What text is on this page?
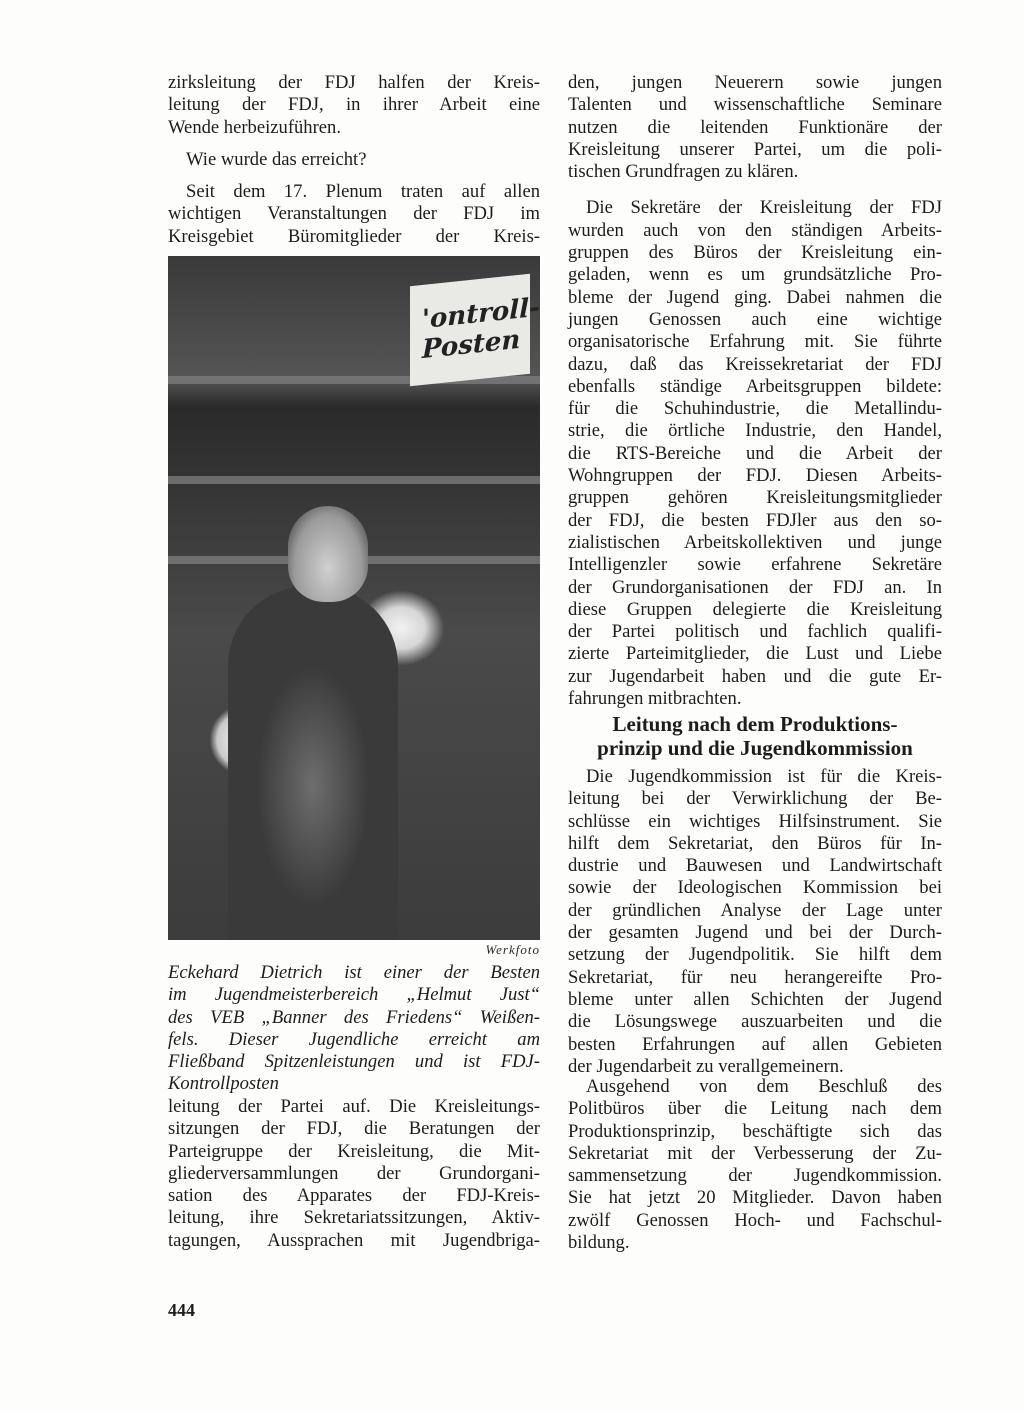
zirksleitung der FDJ halfen der Kreis-
leitung der FDJ, in ihrer Arbeit eine
Wende herbeizuführen.
Wie wurde das erreicht?
Seit dem 17. Plenum traten auf allen
wichtigen Veranstaltungen der FDJ im
Kreisgebiet Büromitglieder der Kreis-
'ontroll-
Posten
Werkfoto
Eckehard Dietrich ist einer der Besten
im Jugendmeisterbereich „Helmut Just“
des VEB „Banner des Friedens“ Weißen-
fels. Dieser Jugendliche erreicht am
Fließband Spitzenleistungen und ist FDJ-
Kontrollposten
leitung der Partei auf. Die Kreisleitungs-
sitzungen der FDJ, die Beratungen der
Parteigruppe der Kreisleitung, die Mit-
gliederversammlungen der Grundorgani-
sation des Apparates der FDJ-Kreis-
leitung, ihre Sekretariatssitzungen, Aktiv-
tagungen, Aussprachen mit Jugendbriga-
den, jungen Neuerern sowie jungen
Talenten und wissenschaftliche Seminare
nutzen die leitenden Funktionäre der
Kreisleitung unserer Partei, um die poli-
tischen Grundfragen zu klären.
Die Sekretäre der Kreisleitung der FDJ
wurden auch von den ständigen Arbeits-
gruppen des Büros der Kreisleitung ein-
geladen, wenn es um grundsätzliche Pro-
bleme der Jugend ging. Dabei nahmen die
jungen Genossen auch eine wichtige
organisatorische Erfahrung mit. Sie führte
dazu, daß das Kreissekretariat der FDJ
ebenfalls ständige Arbeitsgruppen bildete:
für die Schuhindustrie, die Metallindu-
strie, die örtliche Industrie, den Handel,
die RTS-Bereiche und die Arbeit der
Wohngruppen der FDJ. Diesen Arbeits-
gruppen gehören Kreisleitungsmitglieder
der FDJ, die besten FDJler aus den so-
zialistischen Arbeitskollektiven und junge
Intelligenzler sowie erfahrene Sekretäre
der Grundorganisationen der FDJ an. In
diese Gruppen delegierte die Kreisleitung
der Partei politisch und fachlich qualifi-
zierte Parteimitglieder, die Lust und Liebe
zur Jugendarbeit haben und die gute Er-
fahrungen mitbrachten.
Leitung nach dem Produktions-
prinzip und die Jugendkommission
Die Jugendkommission ist für die Kreis-
leitung bei der Verwirklichung der Be-
schlüsse ein wichtiges Hilfsinstrument. Sie
hilft dem Sekretariat, den Büros für In-
dustrie und Bauwesen und Landwirtschaft
sowie der Ideologischen Kommission bei
der gründlichen Analyse der Lage unter
der gesamten Jugend und bei der Durch-
setzung der Jugendpolitik. Sie hilft dem
Sekretariat, für neu herangereifte Pro-
bleme unter allen Schichten der Jugend
die Lösungswege auszuarbeiten und die
besten Erfahrungen auf allen Gebieten
der Jugendarbeit zu verallgemeinern.
Ausgehend von dem Beschluß des
Politbüros über die Leitung nach dem
Produktionsprinzip, beschäftigte sich das
Sekretariat mit der Verbesserung der Zu-
sammensetzung der Jugendkommission.
Sie hat jetzt 20 Mitglieder. Davon haben
zwölf Genossen Hoch- und Fachschul-
bildung.
444
